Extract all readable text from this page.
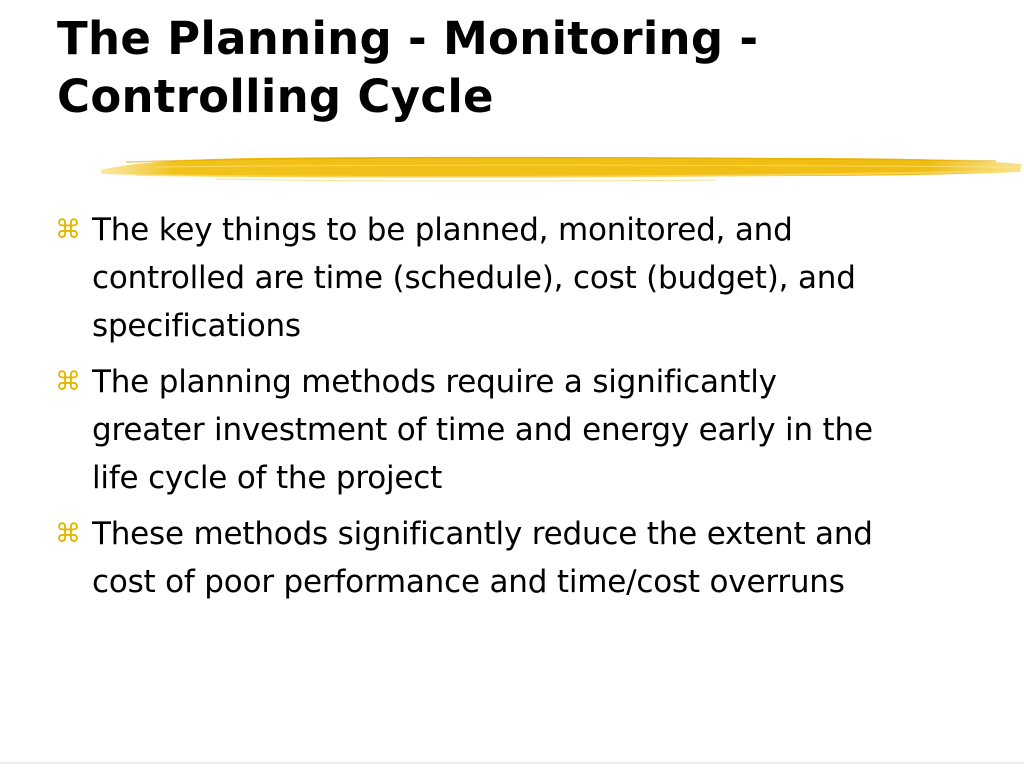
The Planning - Monitoring -
Controlling Cycle
⌘ The key things to be planned, monitored, and
controlled are time (schedule), cost (budget), and
specifications
⌘ The planning methods require a significantly
greater investment of time and energy early in the
life cycle of the project
⌘ These methods significantly reduce the extent and
cost of poor performance and time/cost overruns
